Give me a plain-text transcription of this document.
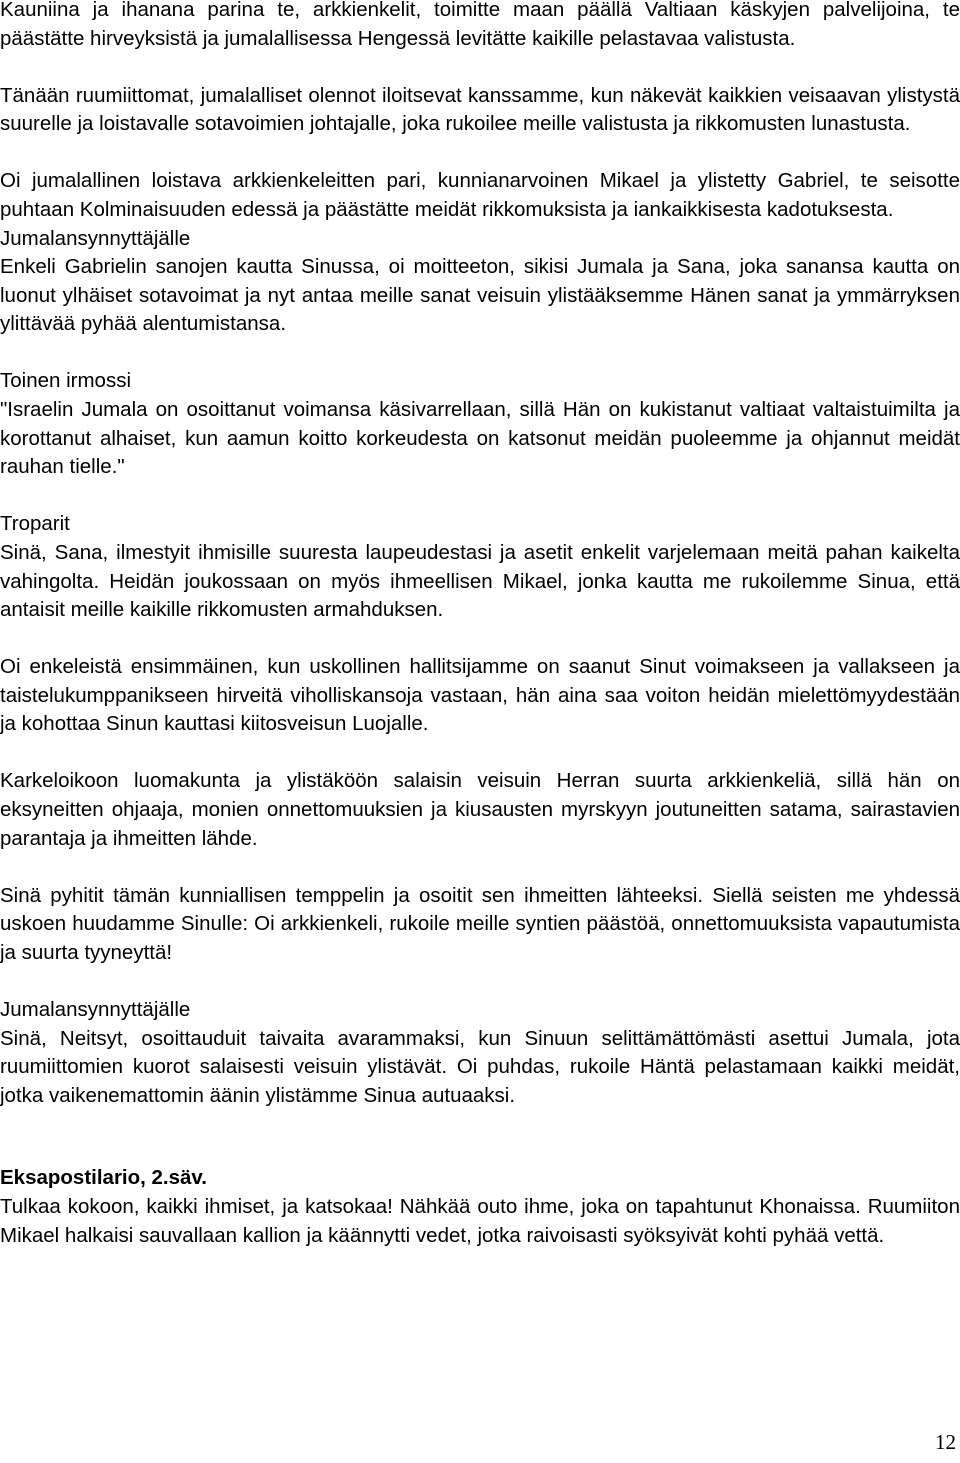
Kauniina ja ihanana parina te, arkkienkelit, toimitte maan päällä Valtiaan käskyjen palvelijoina, te päästätte hirveyksistä ja jumalallisessa Hengessä levitätte kaikille pelastavaa valistusta.

Tänään ruumiittomat, jumalalliset olennot iloitsevat kanssamme, kun näkevät kaikkien veisaavan ylistystä suurelle ja loistavalle sotavoimien johtajalle, joka rukoilee meille valistusta ja rikkomusten lunastusta.

Oi jumalallinen loistava arkkienkeleitten pari, kunnianarvoinen Mikael ja ylistetty Gabriel, te seisotte puhtaan Kolminaisuuden edessä ja päästätte meidät rikkomuksista ja iankaikkisesta kadotuksesta.

Jumalansynnyttäjälle

Enkeli Gabrielin sanojen kautta Sinussa, oi moitteeton, sikisi Jumala ja Sana, joka sanansa kautta on luonut ylhäiset sotavoimat ja nyt antaa meille sanat veisuin ylistääksemme Hänen sanat ja ymmärryksen ylittävää pyhää alentumistansa.

Toinen irmossi

"Israelin Jumala on osoittanut voimansa käsivarrellaan, sillä Hän on kukistanut valtiaat valtaistuimilta ja korottanut alhaiset, kun aamun koitto korkeudesta on katsonut meidän puoleemme ja ohjannut meidät rauhan tielle."

Troparit

Sinä, Sana, ilmestyit ihmisille suuresta laupeudestasi ja asetit enkelit varjelemaan meitä pahan kaikelta vahingolta. Heidän joukossaan on myös ihmeellisen Mikael, jonka kautta me rukoilemme Sinua, että antaisit meille kaikille rikkomusten armahduksen.

Oi enkeleistä ensimmäinen, kun uskollinen hallitsijamme on saanut Sinut voimakseen ja vallakseen ja taistelukumppanikseen hirveitä viholliskansoja vastaan, hän aina saa voiton heidän mielettömyydestään ja kohottaa Sinun kauttasi kiitosveisun Luojalle.

Karkeloikoon luomakunta ja ylistäköön salaisin veisuin Herran suurta arkkienkeliä, sillä hän on eksyneitten ohjaaja, monien onnettomuuksien ja kiusausten myrskyyn joutuneitten satama, sairastavien parantaja ja ihmeitten lähde.

Sinä pyhitit tämän kunniallisen temppelin ja osoitit sen ihmeitten lähteeksi. Siellä seisten me yhdessä uskoen huudamme Sinulle: Oi arkkienkeli, rukoile meille syntien päästöä, onnettomuuksista vapautumista ja suurta tyyneyttä!

Jumalansynnyttäjälle

Sinä, Neitsyt, osoittauduit taivaita avarammaksi, kun Sinuun selittämättömästi asettui Jumala, jota ruumiittomien kuorot salaisesti veisuin ylistävät. Oi puhdas, rukoile Häntä pelastamaan kaikki meidät, jotka vaikenemattomin äänin ylistämme Sinua autuaaksi.

Eksapostilario, 2.säv.

Tulkaa kokoon, kaikki ihmiset, ja katsokaa! Nähkää outo ihme, joka on tapahtunut Khonaissa. Ruumiiton Mikael halkaisi sauvallaan kallion ja käännytti vedet, jotka raivoisasti syöksyivät kohti pyhää vettä.

12
